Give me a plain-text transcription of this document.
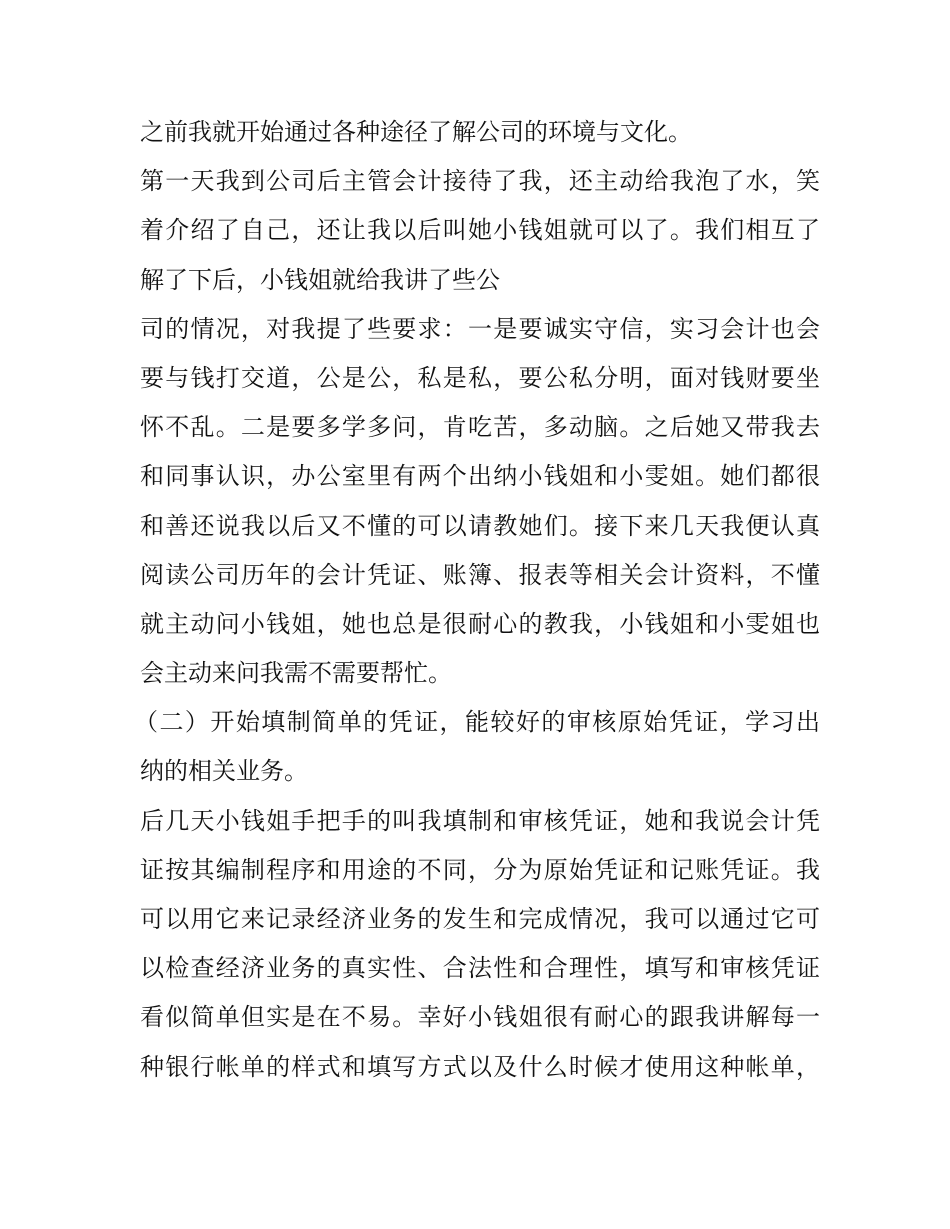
之前我就开始通过各种途径了解公司的环境与文化。
第一天我到公司后主管会计接待了我，还主动给我泡了水，笑
着介绍了自己，还让我以后叫她小钱姐就可以了。我们相互了
解了下后，小钱姐就给我讲了些公
司的情况，对我提了些要求：一是要诚实守信，实习会计也会
要与钱打交道，公是公，私是私，要公私分明，面对钱财要坐
怀不乱。二是要多学多问，肯吃苦，多动脑。之后她又带我去
和同事认识，办公室里有两个出纳小钱姐和小雯姐。她们都很
和善还说我以后又不懂的可以请教她们。接下来几天我便认真
阅读公司历年的会计凭证、账簿、报表等相关会计资料，不懂
就主动问小钱姐，她也总是很耐心的教我，小钱姐和小雯姐也
会主动来问我需不需要帮忙。
（二）开始填制简单的凭证，能较好的审核原始凭证，学习出
纳的相关业务。
后几天小钱姐手把手的叫我填制和审核凭证，她和我说会计凭
证按其编制程序和用途的不同，分为原始凭证和记账凭证。我
可以用它来记录经济业务的发生和完成情况，我可以通过它可
以检查经济业务的真实性、合法性和合理性，填写和审核凭证
看似简单但实是在不易。幸好小钱姐很有耐心的跟我讲解每一
种银行帐单的样式和填写方式以及什么时候才使用这种帐单，
